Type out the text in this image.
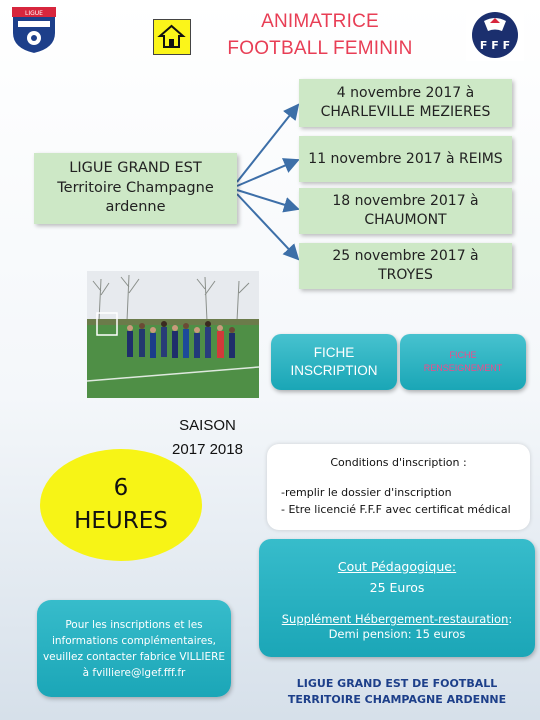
LIGUE	ANIMATRICE
FOOTBALL FEMININ	F F F
LIGUE GRAND EST
Territoire Champagne
ardenne
4 novembre 2017 à
CHARLEVILLE MEZIERES
11 novembre 2017 à REIMS
18 novembre 2017 à
CHAUMONT
25 novembre 2017 à
TROYES
FICHE
INSCRIPTION
FICHE
RENSEIGNEMENT
SAISON
2017 2018
6
HEURES
Conditions d'inscription :
-remplir le dossier d'inscription
- Etre licencié F.F.F avec certificat médical
Cout Pédagogique:
25 Euros
Supplément Hébergement-restauration:
Demi pension: 15 euros
Pour les inscriptions et les
informations complémentaires,
veuillez contacter fabrice VILLIERE
à fvilliere@lgef.fff.fr
LIGUE GRAND EST DE FOOTBALL
TERRITOIRE CHAMPAGNE ARDENNE
